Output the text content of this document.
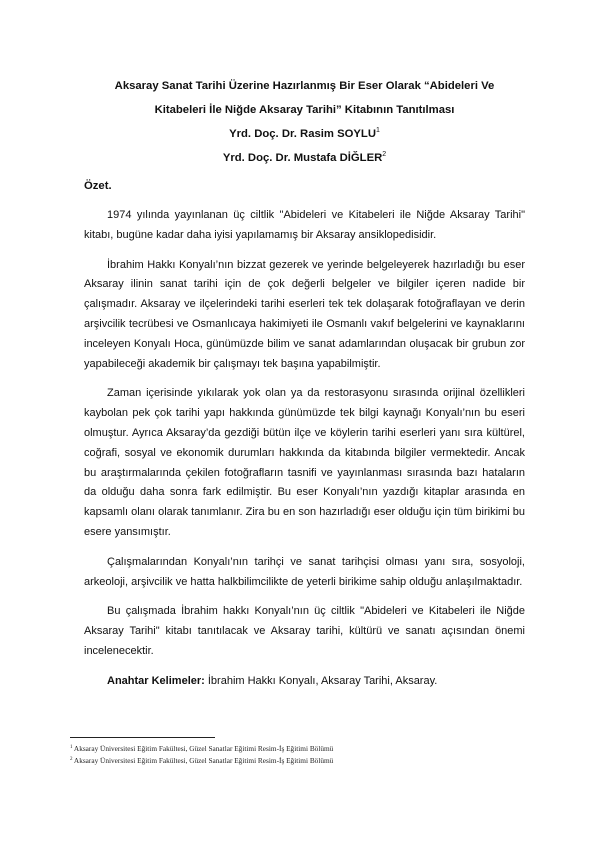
Aksaray Sanat Tarihi Üzerine Hazırlanmış Bir Eser Olarak “Abideleri Ve
Kitabeleri İle Niğde Aksaray Tarihi” Kitabının Tanıtılması

Yrd. Doç. Dr. Rasim SOYLU$^1$

Yrd. Doç. Dr. Mustafa DİĞLER$^2$

Özet.

1974 yılında yayınlanan üç ciltlik "Abideleri ve Kitabeleri ile Niğde Aksaray Tarihi" kitabı, bugüne kadar daha iyisi yapılamamış bir Aksaray ansiklopedisidir.

İbrahim Hakkı Konyalı’nın bizzat gezerek ve yerinde belgeleyerek hazırladığı bu eser Aksaray ilinin sanat tarihi için de çok değerli belgeler ve bilgiler içeren nadide bir çalışmadır. Aksaray ve ilçelerindeki tarihi eserleri tek tek dolaşarak fotoğraflayan ve derin arşivcilik tecrübesi ve Osmanlıcaya hakimiyeti ile Osmanlı vakıf belgelerini ve kaynaklarını inceleyen Konyalı Hoca, günümüzde bilim ve sanat adamlarından oluşacak bir grubun zor yapabileceği akademik bir çalışmayı tek başına yapabilmiştir.

Zaman içerisinde yıkılarak yok olan ya da restorasyonu sırasında orijinal özellikleri kaybolan pek çok tarihi yapı hakkında günümüzde tek bilgi kaynağı Konyalı’nın bu eseri olmuştur. Ayrıca Aksaray’da gezdiği bütün ilçe ve köylerin tarihi eserleri yanı sıra kültürel, coğrafi, sosyal ve ekonomik durumları hakkında da kitabında bilgiler vermektedir. Ancak bu araştırmalarında çekilen fotoğrafların tasnifi ve yayınlanması sırasında bazı hataların da olduğu daha sonra fark edilmiştir. Bu eser Konyalı’nın yazdığı kitaplar arasında en kapsamlı olanı olarak tanımlanır. Zira bu en son hazırladığı eser olduğu için tüm birikimi bu esere yansımıştır.

Çalışmalarından Konyalı’nın tarihçi ve sanat tarihçisi olması yanı sıra, sosyoloji, arkeoloji, arşivcilik ve hatta halkbilimcilikte de yeterli birikime sahip olduğu anlaşılmaktadır.

Bu çalışmada İbrahim hakkı Konyalı’nın üç ciltlik "Abideleri ve Kitabeleri ile Niğde Aksaray Tarihi" kitabı tanıtılacak ve Aksaray tarihi, kültürü ve sanatı açısından önemi incelenecektir.

Anahtar Kelimeler: İbrahim Hakkı Konyalı, Aksaray Tarihi, Aksaray.

$^1$ Aksaray Üniversitesi Eğitim Fakültesi, Güzel Sanatlar Eğitimi Resim-İş Eğitimi Bölümü
$^2$ Aksaray Üniversitesi Eğitim Fakültesi, Güzel Sanatlar Eğitimi Resim-İş Eğitimi Bölümü
